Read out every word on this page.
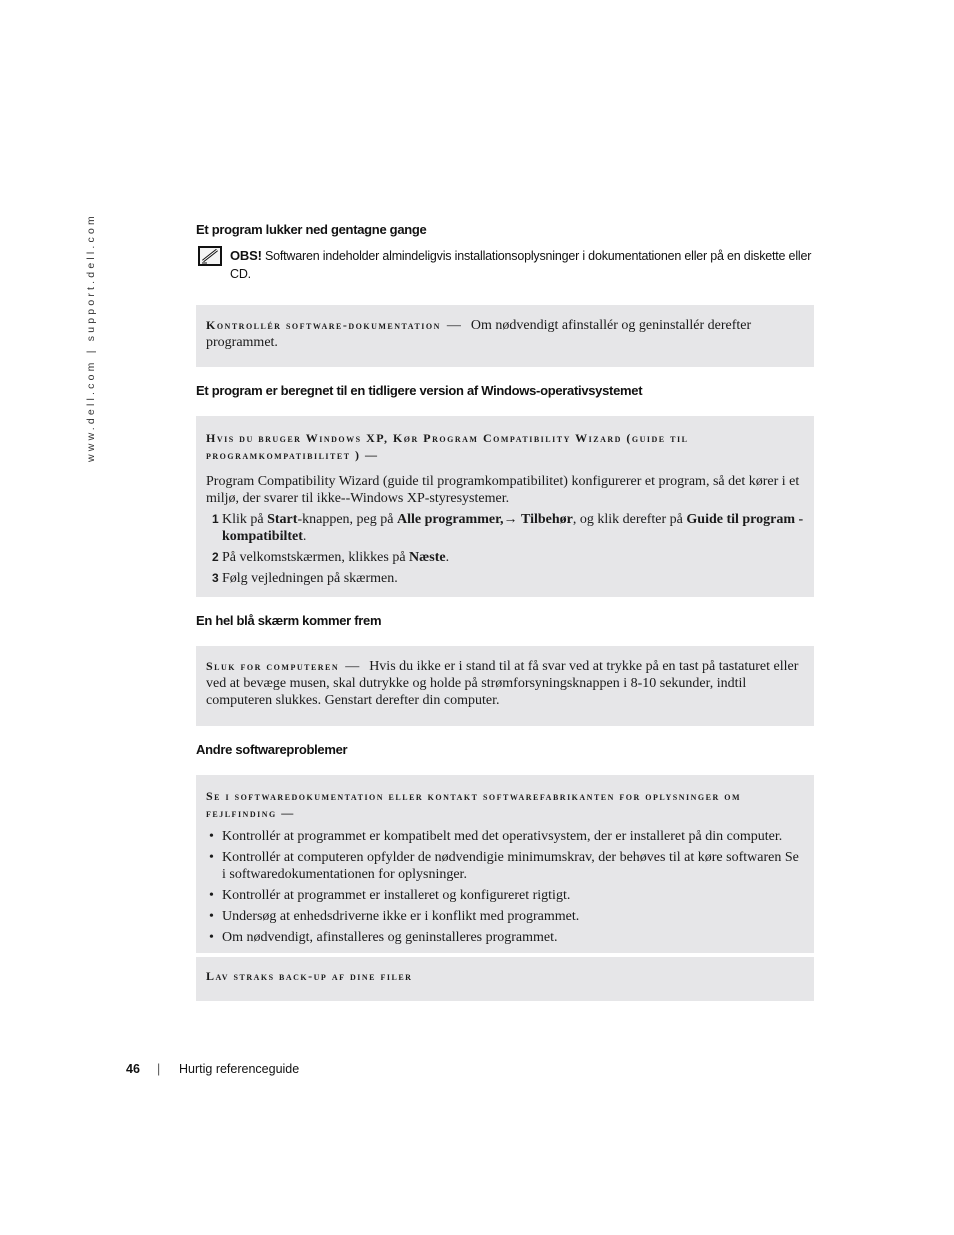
www.dell.com | support.dell.com	Et program lukker ned gentagne gange
OBS! Softwaren indeholder almindeligvis installationsoplysninger i dokumentationen eller på en diskette eller CD.
Kontrollér software-dokumentation — Om nødvendigt afinstallér og geninstallér derefter programmet.
Et program er beregnet til en tidligere version af Windows-operativsystemet
Hvis du bruger Windows XP, Kør Program Compatibility Wizard (guide til programkompatibilitet ) —
Program Compatibility Wizard (guide til programkompatibilitet) konfigurerer et program, så det kører i et miljø, der svarer til ikke--Windows XP-styresystemer.
1 Klik på Start-knappen, peg på Alle programmer,→ Tilbehør, og klik derefter på Guide til program - kompatibiltet.
2 På velkomstskærmen, klikkes på Næste.
3 Følg vejledningen på skærmen.
En hel blå skærm kommer frem
Sluk for computeren — Hvis du ikke er i stand til at få svar ved at trykke på en tast på tastaturet eller ved at bevæge musen, skal dutrykke og holde på strømforsyningsknappen i 8-10 sekunder, indtil computeren slukkes. Genstart derefter din computer.
Andre softwareproblemer
Se i softwaredokumentation eller kontakt softwarefabrikanten for oplysninger om fejlfinding —
• Kontrollér at programmet er kompatibelt med det operativsystem, der er installeret på din computer.
• Kontrollér at computeren opfylder de nødvendigie minimumskrav, der behøves til at køre softwaren Se i softwaredokumentationen for oplysninger.
• Kontrollér at programmet er installeret og konfigureret rigtigt.
• Undersøg at enhedsdriverne ikke er i konflikt med programmet.
• Om nødvendigt, afinstalleres og geninstalleres programmet.
Lav straks back-up af dine filer
46 | Hurtig referenceguide
